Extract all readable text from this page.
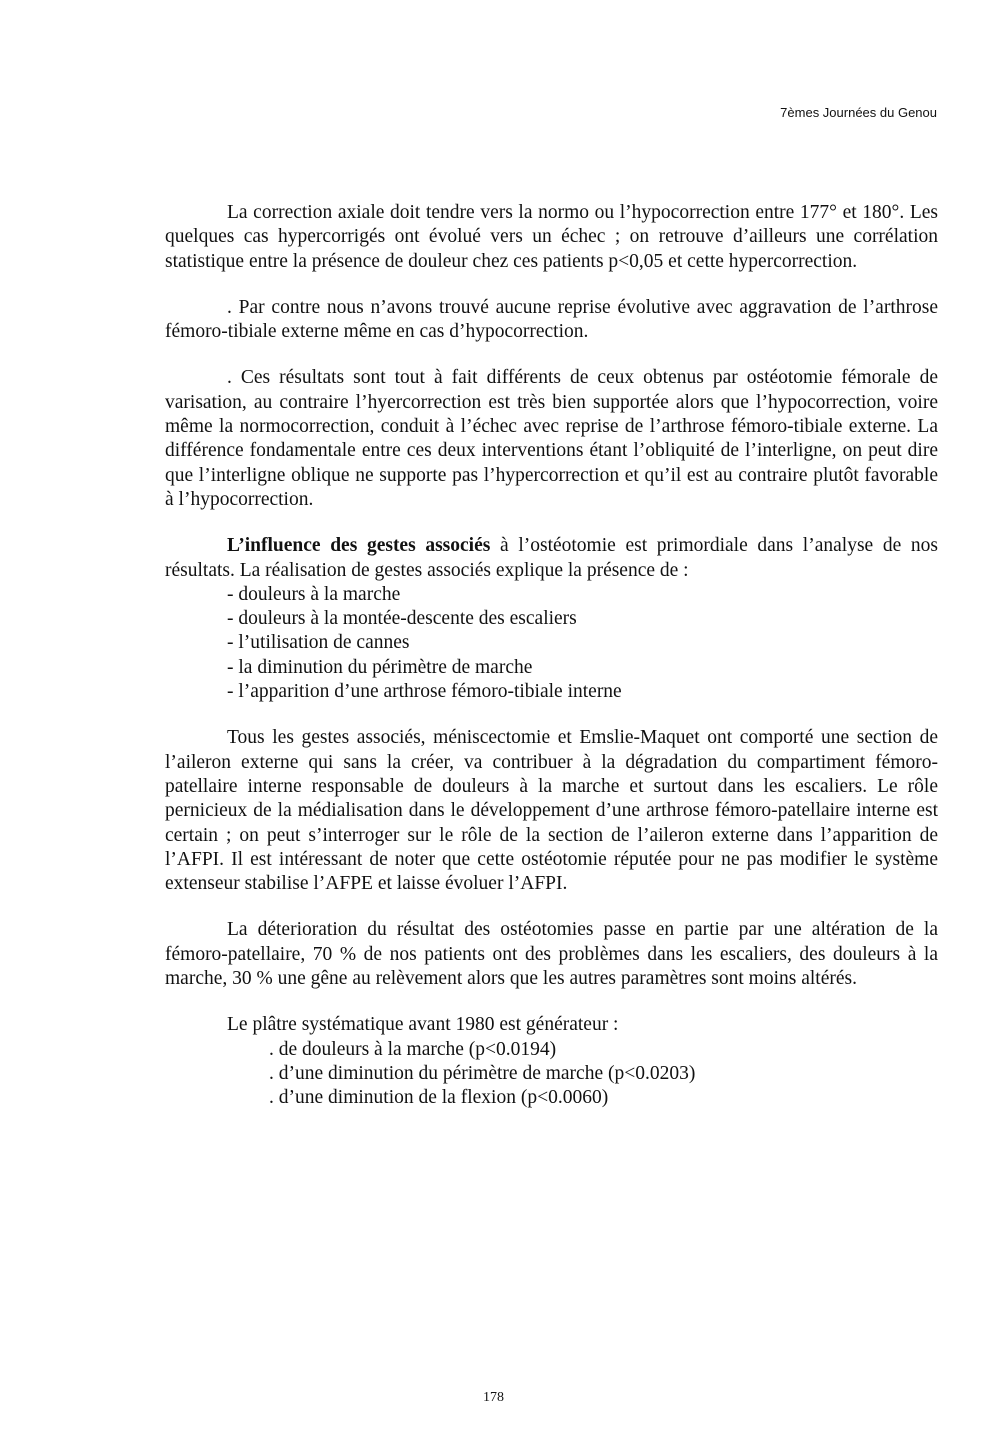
7èmes Journées du Genou

La correction axiale doit tendre vers la normo ou l’hypocorrection entre 177° et 180°. Les quelques cas hypercorrigés ont évolué vers un échec ; on retrouve d’ailleurs une corrélation statistique entre la présence de douleur chez ces patients p<0,05 et cette hypercorrection.

. Par contre nous n’avons trouvé aucune reprise évolutive avec aggravation de l’arthrose fémoro-tibiale externe même en cas d’hypocorrection.

. Ces résultats sont tout à fait différents de ceux obtenus par ostéotomie fémorale de varisation, au contraire l’hyercorrection est très bien supportée alors que l’hypocorrection, voire même la normocorrection, conduit à l’échec avec reprise de l’arthrose fémoro-tibiale externe. La différence fondamentale entre ces deux interventions étant l’obliquité de l’interligne, on peut dire que l’interligne oblique ne supporte pas l’hypercorrection et qu’il est au contraire plutôt favorable à l’hypocorrection.

L’influence des gestes associés à l’ostéotomie est primordiale dans l’analyse de nos résultats. La réalisation de gestes associés explique la présence de :

- douleurs à la marche
- douleurs à la montée-descente des escaliers
- l’utilisation de cannes
- la diminution du périmètre de marche
- l’apparition d’une arthrose fémoro-tibiale interne

Tous les gestes associés, méniscectomie et Emslie-Maquet ont comporté une section de l’aileron externe qui sans la créer, va contribuer à la dégradation du compartiment fémoro-patellaire interne responsable de douleurs à la marche et surtout dans les escaliers. Le rôle pernicieux de la médialisation dans le développement d’une arthrose fémoro-patellaire interne est certain ; on peut s’interroger sur le rôle de la section de l’aileron externe dans l’apparition de l’AFPI. Il est intéressant de noter que cette ostéotomie réputée pour ne pas modifier le système extenseur stabilise l’AFPE et laisse évoluer l’AFPI.

La déterioration du résultat des ostéotomies passe en partie par une altération de la fémoro-patellaire, 70 % de nos patients ont des problèmes dans les escaliers, des douleurs à la marche, 30 % une gêne au relèvement alors que les autres paramètres sont moins altérés.

Le plâtre systématique avant 1980 est générateur :

. de douleurs à la marche (p<0.0194)
. d’une diminution du périmètre de marche (p<0.0203)
. d’une diminution de la flexion (p<0.0060)
178
